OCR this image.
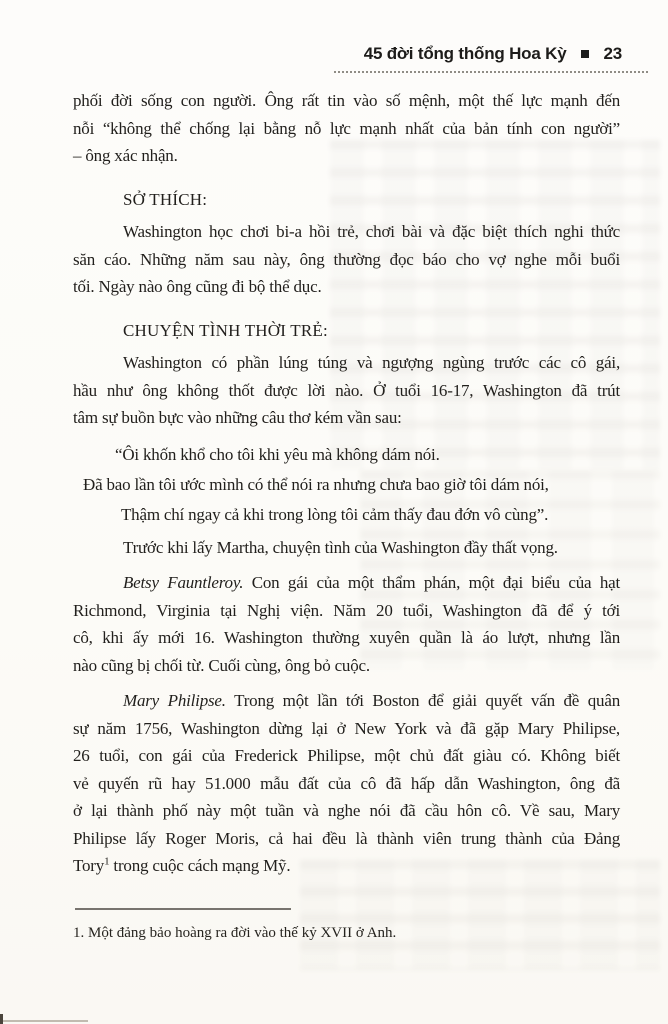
45 đời tổng thống Hoa Kỳ 23
phối đời sống con người. Ông rất tin vào số mệnh, một thế lực mạnh đến
nỗi “không thể chống lại bằng nỗ lực mạnh nhất của bản tính con người”
– ông xác nhận.
SỞ THÍCH:
Washington học chơi bi-a hồi trẻ, chơi bài và đặc biệt thích nghi thức
săn cáo. Những năm sau này, ông thường đọc báo cho vợ nghe mỗi buổi
tối. Ngày nào ông cũng đi bộ thể dục.
CHUYỆN TÌNH THỜI TRẺ:
Washington có phần lúng túng và ngượng ngùng trước các cô gái,
hầu như ông không thốt được lời nào. Ở tuổi 16-17, Washington đã trút
tâm sự buồn bực vào những câu thơ kém vần sau:
“Ôi khốn khổ cho tôi khi yêu mà không dám nói.
Đã bao lần tôi ước mình có thể nói ra nhưng chưa bao giờ tôi dám nói,
Thậm chí ngay cả khi trong lòng tôi cảm thấy đau đớn vô cùng”.
Trước khi lấy Martha, chuyện tình của Washington đầy thất vọng.
Betsy Fauntleroy. Con gái của một thẩm phán, một đại biểu của hạt
Richmond, Virginia tại Nghị viện. Năm 20 tuổi, Washington đã để ý tới
cô, khi ấy mới 16. Washington thường xuyên quần là áo lượt, nhưng lần
nào cũng bị chối từ. Cuối cùng, ông bỏ cuộc.
Mary Philipse. Trong một lần tới Boston để giải quyết vấn đề quân
sự năm 1756, Washington dừng lại ở New York và đã gặp Mary Philipse,
26 tuổi, con gái của Frederick Philipse, một chủ đất giàu có. Không biết
vẻ quyến rũ hay 51.000 mẫu đất của cô đã hấp dẫn Washington, ông đã
ở lại thành phố này một tuần và nghe nói đã cầu hôn cô. Về sau, Mary
Philipse lấy Roger Moris, cả hai đều là thành viên trung thành của Đảng
Tory$^1$ trong cuộc cách mạng Mỹ.
1. Một đảng bảo hoàng ra đời vào thế kỷ XVII ở Anh.
